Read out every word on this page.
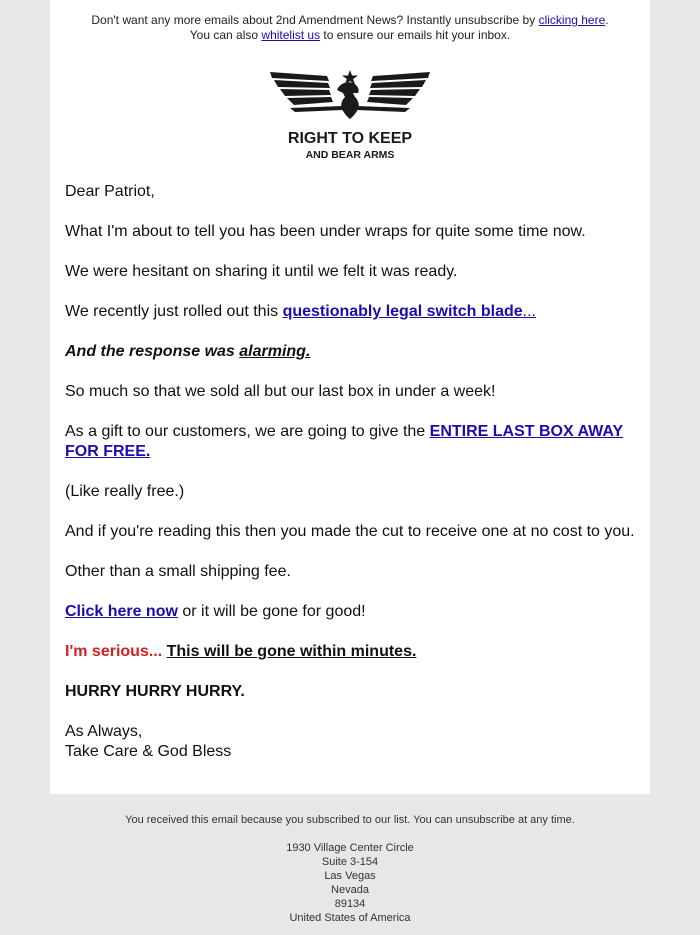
Don't want any more emails about 2nd Amendment News? Instantly unsubscribe by clicking here.
You can also whitelist us to ensure our emails hit your inbox.
RIGHT TO KEEP
AND BEAR ARMS

Dear Patriot,

What I'm about to tell you has been under wraps for quite some time now.

We were hesitant on sharing it until we felt it was ready.

We recently just rolled out this questionably legal switch blade...

And the response was alarming.

So much so that we sold all but our last box in under a week!

As a gift to our customers, we are going to give the ENTIRE LAST BOX AWAY FOR FREE.

(Like really free.)

And if you're reading this then you made the cut to receive one at no cost to you.

Other than a small shipping fee.

Click here now or it will be gone for good!

I'm serious... This will be gone within minutes.

HURRY HURRY HURRY.

As Always,
Take Care & God Bless

You received this email because you subscribed to our list. You can unsubscribe at any time.
1930 Village Center Circle
Suite 3-154
Las Vegas
Nevada
89134
United States of America
